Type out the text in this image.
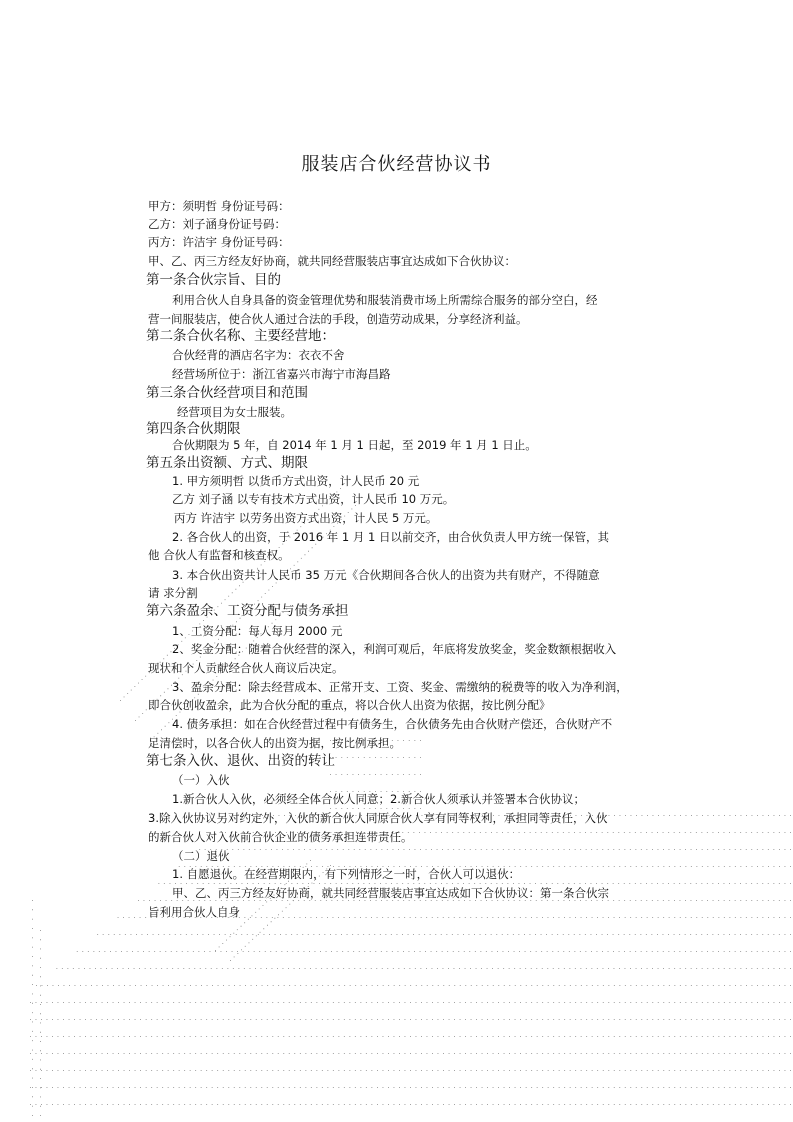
服装店合伙经营协议书
甲方：须明哲 身份证号码：
乙方：刘子涵身份证号码：
丙方：许洁宇 身份证号码：
甲、乙、丙三方经友好协商，就共同经营服装店事宜达成如下合伙协议：
第一条合伙宗旨、目的
利用合伙人自身具备的资金管理优势和服装消费市场上所需综合服务的部分空白，经
营一间服装店，使合伙人通过合法的手段，创造劳动成果，分享经济利益。
第二条合伙名称、主要经营地：
合伙经背的酒店名字为：衣衣不舍
经营场所位于：浙江省嘉兴市海宁市海昌路
第三条合伙经营项目和范围
经营项目为女士服装。
第四条合伙期限
合伙期限为 5 年，自 2014 年 1 月 1 日起，至 2019 年 1 月 1 日止。
第五条出资额、方式、期限
1. 甲方须明哲 以货币方式出资，计人民币 20 元
乙方 刘子涵 以专有技术方式出资，计人民币 10 万元。
丙方 许洁宇 以劳务出资方式出资，计人民 5 万元。
2. 各合伙人的出资，于 2016 年 1 月 1 日以前交齐，由合伙负责人甲方统一保管，其
他 合伙人有监督和核查权。
3. 本合伙出资共计人民币 35 万元《合伙期间各合伙人的出资为共有财产，不得随意
请 求分割
第六条盈余、工资分配与债务承担
1、工资分配：每人每月 2000 元
2、奖金分配：随着合伙经营的深入，利润可观后，年底将发放奖金，奖金数额根据收入
现状和个人贡献经合伙人商议后决定。
3、盈余分配：除去经营成本、正常开支、工资、奖金、需缴纳的税费等的收入为净利润，
即合伙创收盈余，此为合伙分配的重点，将以合伙人出资为依据，按比例分配》
4. 债务承担：如在合伙经营过程中有债务生，合伙债务先由合伙财产偿还，合伙财产不
足清偿时，以各合伙人的出资为据，按比例承担。
第七条入伙、退伙、出资的转让
（一）入伙
1.新合伙人入伙，必须经全体合伙人同意；2.新合伙人须承认并签署本合伙协议；
3.除入伙协议另对约定外，入伙的新合伙人同原合伙人享有同等权利，承担同等责任，入伙
的新合伙人对入伙前合伙企业的债务承担连带责任。
（二）退伙
1. 自愿退伙。在经营期限内，有下列情形之一时，合伙人可以退伙：
甲、乙、丙三方经友好协商，就共同经营服装店事宜达成如下合伙协议：第一条合伙宗
旨利用合伙人自身
